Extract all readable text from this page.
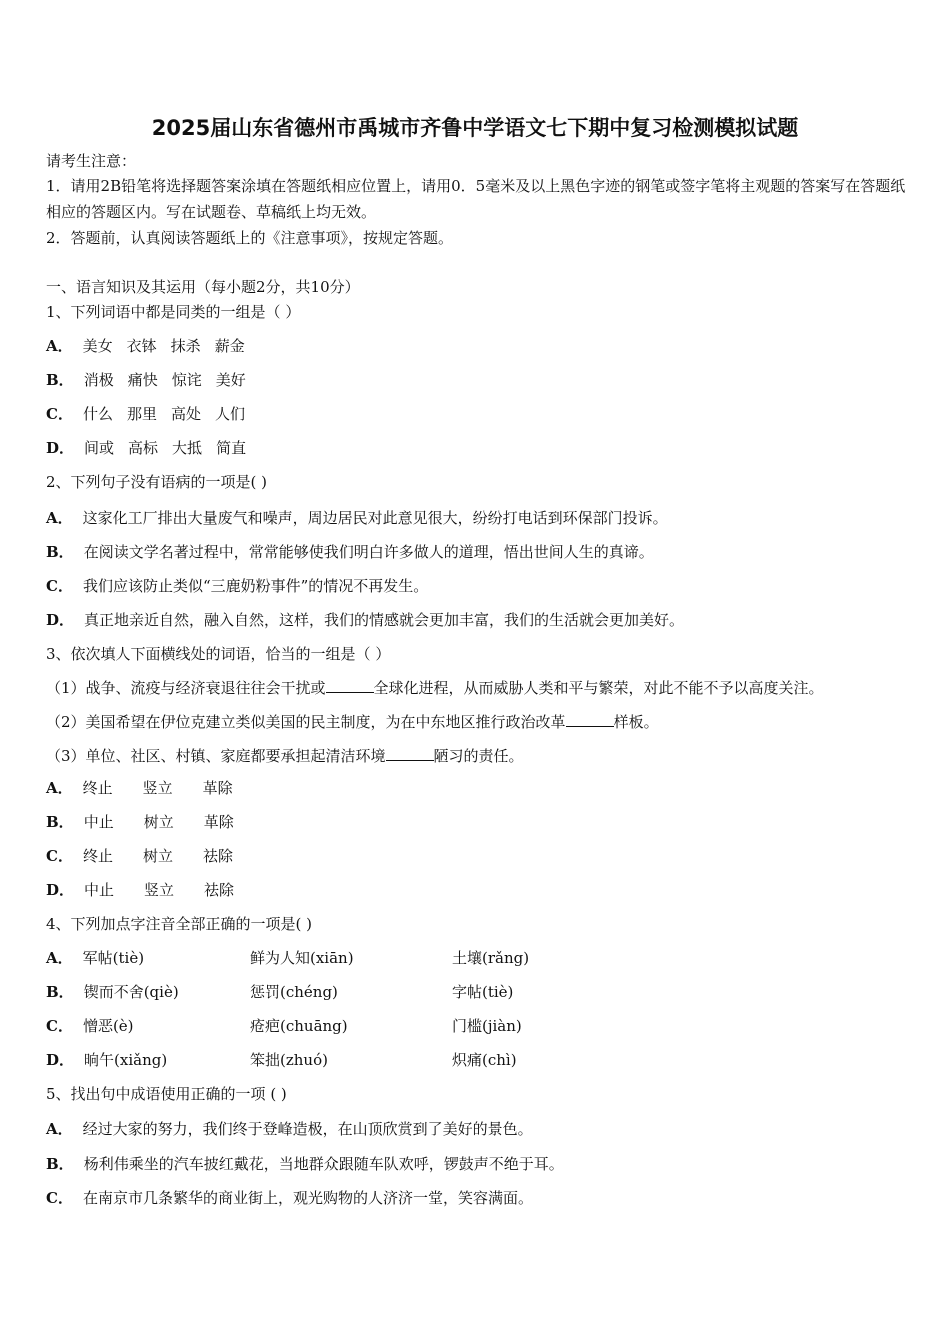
2025届山东省德州市禹城市齐鲁中学语文七下期中复习检测模拟试题
请考生注意：
1．请用2B铅笔将选择题答案涂填在答题纸相应位置上，请用0．5毫米及以上黑色字迹的钢笔或签字笔将主观题的答案写在答题纸相应的答题区内。写在试题卷、草稿纸上均无效。
2．答题前，认真阅读答题纸上的《注意事项》，按规定答题。
一、语言知识及其运用（每小题2分，共10分）
1、下列词语中都是同类的一组是（ ）
A． 美女 衣钵 抹杀 薪金
B． 消极 痛快 惊诧 美好
C． 什么 那里 高处 人们
D． 间或 高标 大抵 简直
2、下列句子没有语病的一项是( )
A． 这家化工厂排出大量废气和噪声，周边居民对此意见很大，纷纷打电话到环保部门投诉。
B． 在阅读文学名著过程中，常常能够使我们明白许多做人的道理，悟出世间人生的真谛。
C． 我们应该防止类似“三鹿奶粉事件”的情况不再发生。
D． 真正地亲近自然，融入自然，这样，我们的情感就会更加丰富，我们的生活就会更加美好。
3、依次填人下面横线处的词语，恰当的一组是（ ）
（1）战争、流疫与经济衰退往往会干扰或	全球化进程，从而威胁人类和平与繁荣，对此不能不予以高度关注。
（2）美国希望在伊位克建立类似美国的民主制度，为在中东地区推行政治改革	样板。
（3）单位、社区、村镇、家庭都要承担起清洁环境	陋习的责任。
A． 终止 竖立 革除
B． 中止 树立 革除
C． 终止 树立 祛除
D． 中止 竖立 祛除
4、下列加点字注音全部正确的一项是( )
A． 军帖(tiè)	鲜为人知(xiān)	土壤(rǎng)
B． 锲而不舍(qiè)	惩罚(chéng)	字帖(tiè)
C． 憎恶(è)	疮疤(chuāng)	门槛(jiàn)
D． 晌午(xiǎng)	笨拙(zhuó)	炽痛(chì)
5、找出句中成语使用正确的一项 ( )
A． 经过大家的努力，我们终于登峰造极，在山顶欣赏到了美好的景色。
B． 杨利伟乘坐的汽车披红戴花，当地群众跟随车队欢呼，锣鼓声不绝于耳。
C． 在南京市几条繁华的商业街上，观光购物的人济济一堂，笑容满面。
